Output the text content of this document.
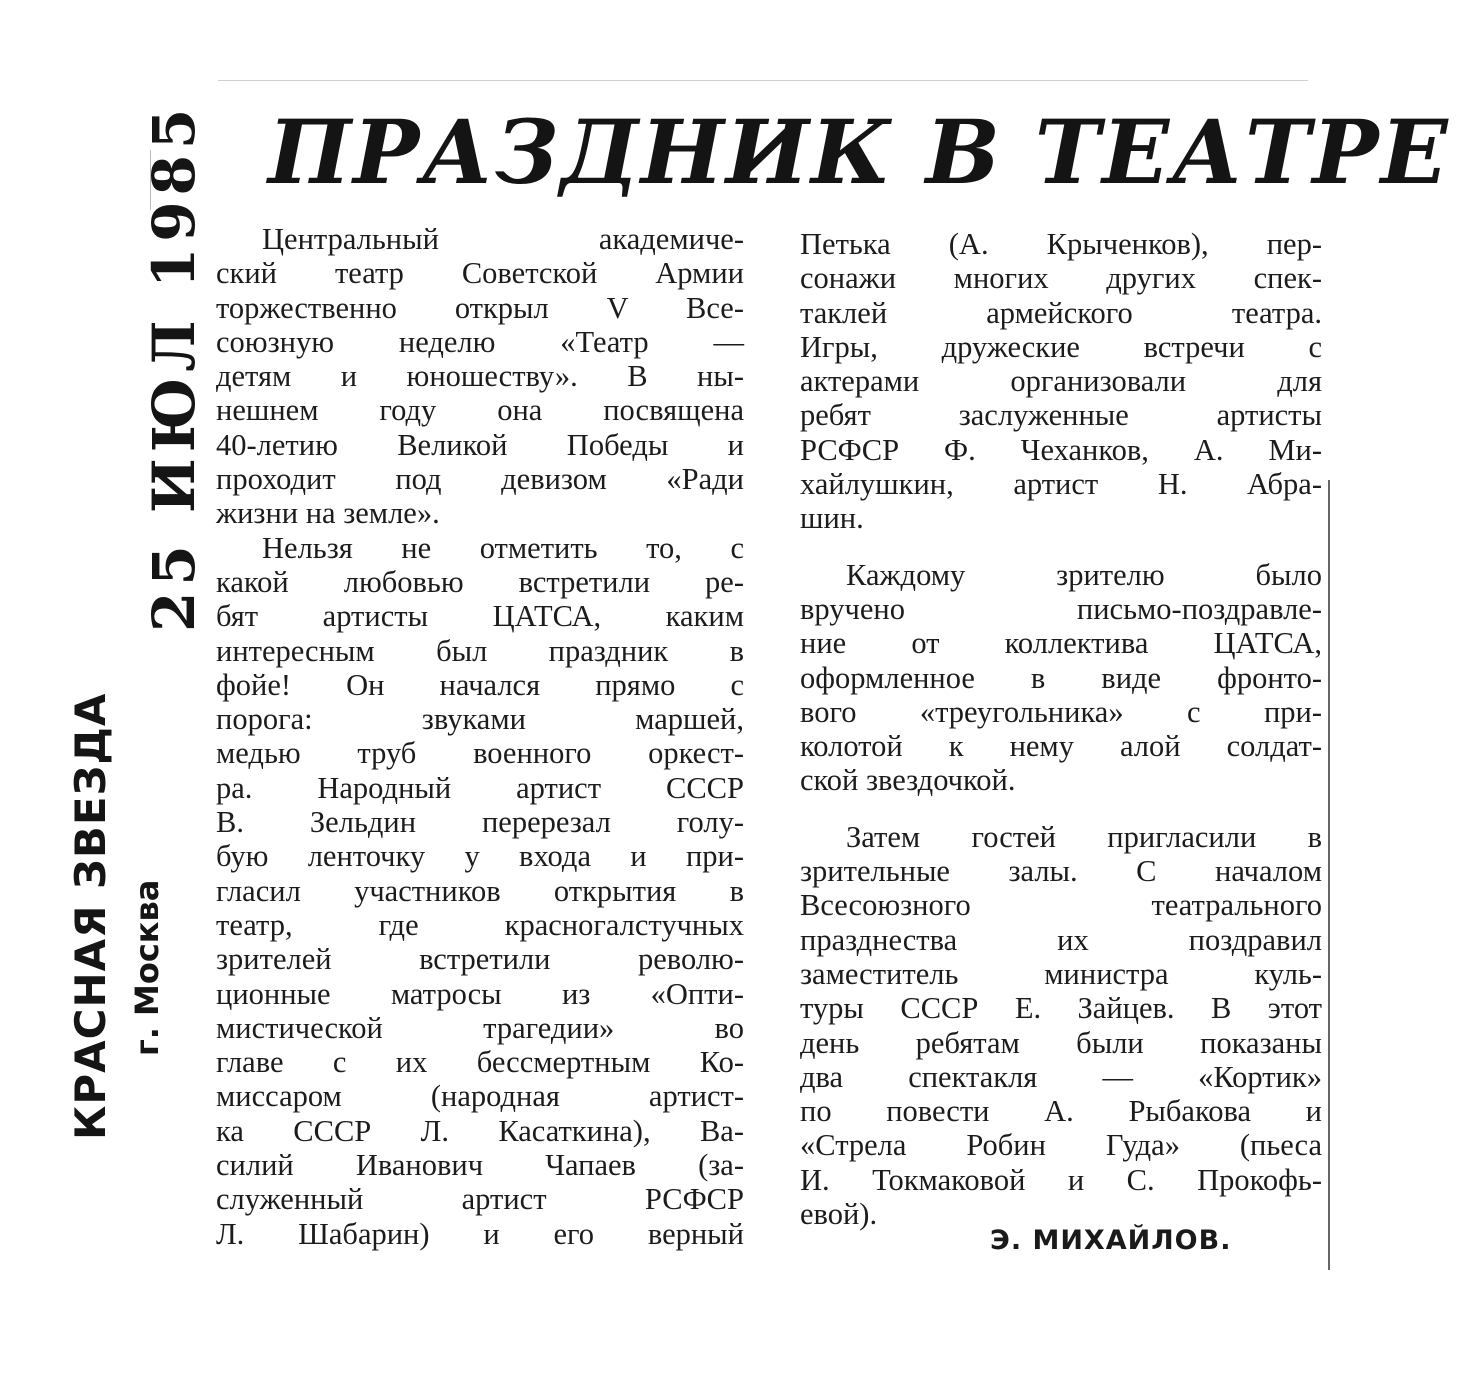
25 ИЮЛ 1985
КРАСНАЯ ЗВЕЗДА г. Москва
ПРАЗДНИК В ТЕАТРЕ
Центральный академиче-
ский театр Советской Армии
торжественно открыл V Все-
союзную неделю «Театр —
детям и юношеству». В ны-
нешнем году она посвящена
40-летию Великой Победы и
проходит под девизом «Ради
жизни на земле».
Нельзя не отметить то, с
какой любовью встретили ре-
бят артисты ЦАТСА, каким
интересным был праздник в
фойе! Он начался прямо с
порога: звуками маршей,
медью труб военного оркест-
ра. Народный артист СССР
В. Зельдин перерезал голу-
бую ленточку у входа и при-
гласил участников открытия в
театр, где красногалстучных
зрителей встретили револю-
ционные матросы из «Опти-
мистической трагедии» во
главе с их бессмертным Ко-
миссаром (народная артист-
ка СССР Л. Касаткина), Ва-
силий Иванович Чапаев (за-
служенный артист РСФСР
Л. Шабарин) и его верный
Петька (А. Крыченков), пер-
сонажи многих других спек-
таклей армейского театра.
Игры, дружеские встречи с
актерами организовали для
ребят заслуженные артисты
РСФСР Ф. Чеханков, А. Ми-
хайлушкин, артист Н. Абра-
шин.
Каждому зрителю было
вручено письмо-поздравле-
ние от коллектива ЦАТСА,
оформленное в виде фронто-
вого «треугольника» с при-
колотой к нему алой солдат-
ской звездочкой.
Затем гостей пригласили в
зрительные залы. С началом
Всесоюзного театрального
празднества их поздравил
заместитель министра куль-
туры СССР Е. Зайцев. В этот
день ребятам были показаны
два спектакля — «Кортик»
по повести А. Рыбакова и
«Стрела Робин Гуда» (пьеса
И. Токмаковой и С. Прокофь-
евой).
Э. МИХАЙЛОВ.
